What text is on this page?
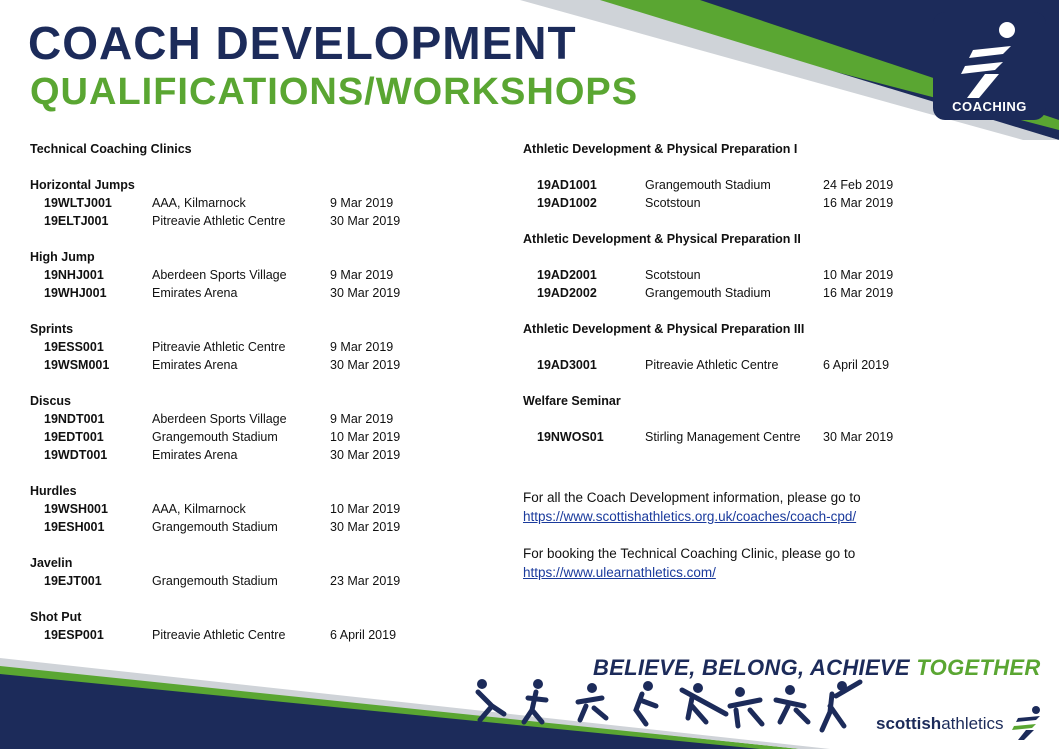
COACH DEVELOPMENT
QUALIFICATIONS/WORKSHOPS	COACHING
Technical Coaching Clinics
Horizontal Jumps
19WLTJ001	AAA, Kilmarnock	9 Mar 2019
19ELTJ001	Pitreavie Athletic Centre	30 Mar 2019
High Jump
19NHJ001	Aberdeen Sports Village	9 Mar 2019
19WHJ001	Emirates Arena	30 Mar 2019
Sprints
19ESS001	Pitreavie Athletic Centre	9 Mar 2019
19WSM001	Emirates Arena	30 Mar 2019
Discus
19NDT001	Aberdeen Sports Village	9 Mar 2019
19EDT001	Grangemouth Stadium	10 Mar 2019
19WDT001	Emirates Arena	30 Mar 2019
Hurdles
19WSH001	AAA, Kilmarnock	10 Mar 2019
19ESH001	Grangemouth Stadium	30 Mar 2019
Javelin
19EJT001	Grangemouth Stadium	23 Mar 2019
Shot Put
19ESP001	Pitreavie Athletic Centre	6 April 2019
Athletic Development & Physical Preparation I
19AD1001	Grangemouth Stadium	24 Feb 2019
19AD1002	Scotstoun	16 Mar 2019
Athletic Development & Physical Preparation II
19AD2001	Scotstoun	10 Mar 2019
19AD2002	Grangemouth Stadium	16 Mar 2019
Athletic Development & Physical Preparation III
19AD3001	Pitreavie Athletic Centre	6 April 2019
Welfare Seminar
19NWOS01	Stirling Management Centre 30 Mar 2019
For all the Coach Development information, please go to
https://www.scottishathletics.org.uk/coaches/coach-cpd/
For booking the Technical Coaching Clinic, please go to
https://www.ulearnathletics.com/
BELIEVE, BELONG, ACHIEVE TOGETHER
scottishathletics
